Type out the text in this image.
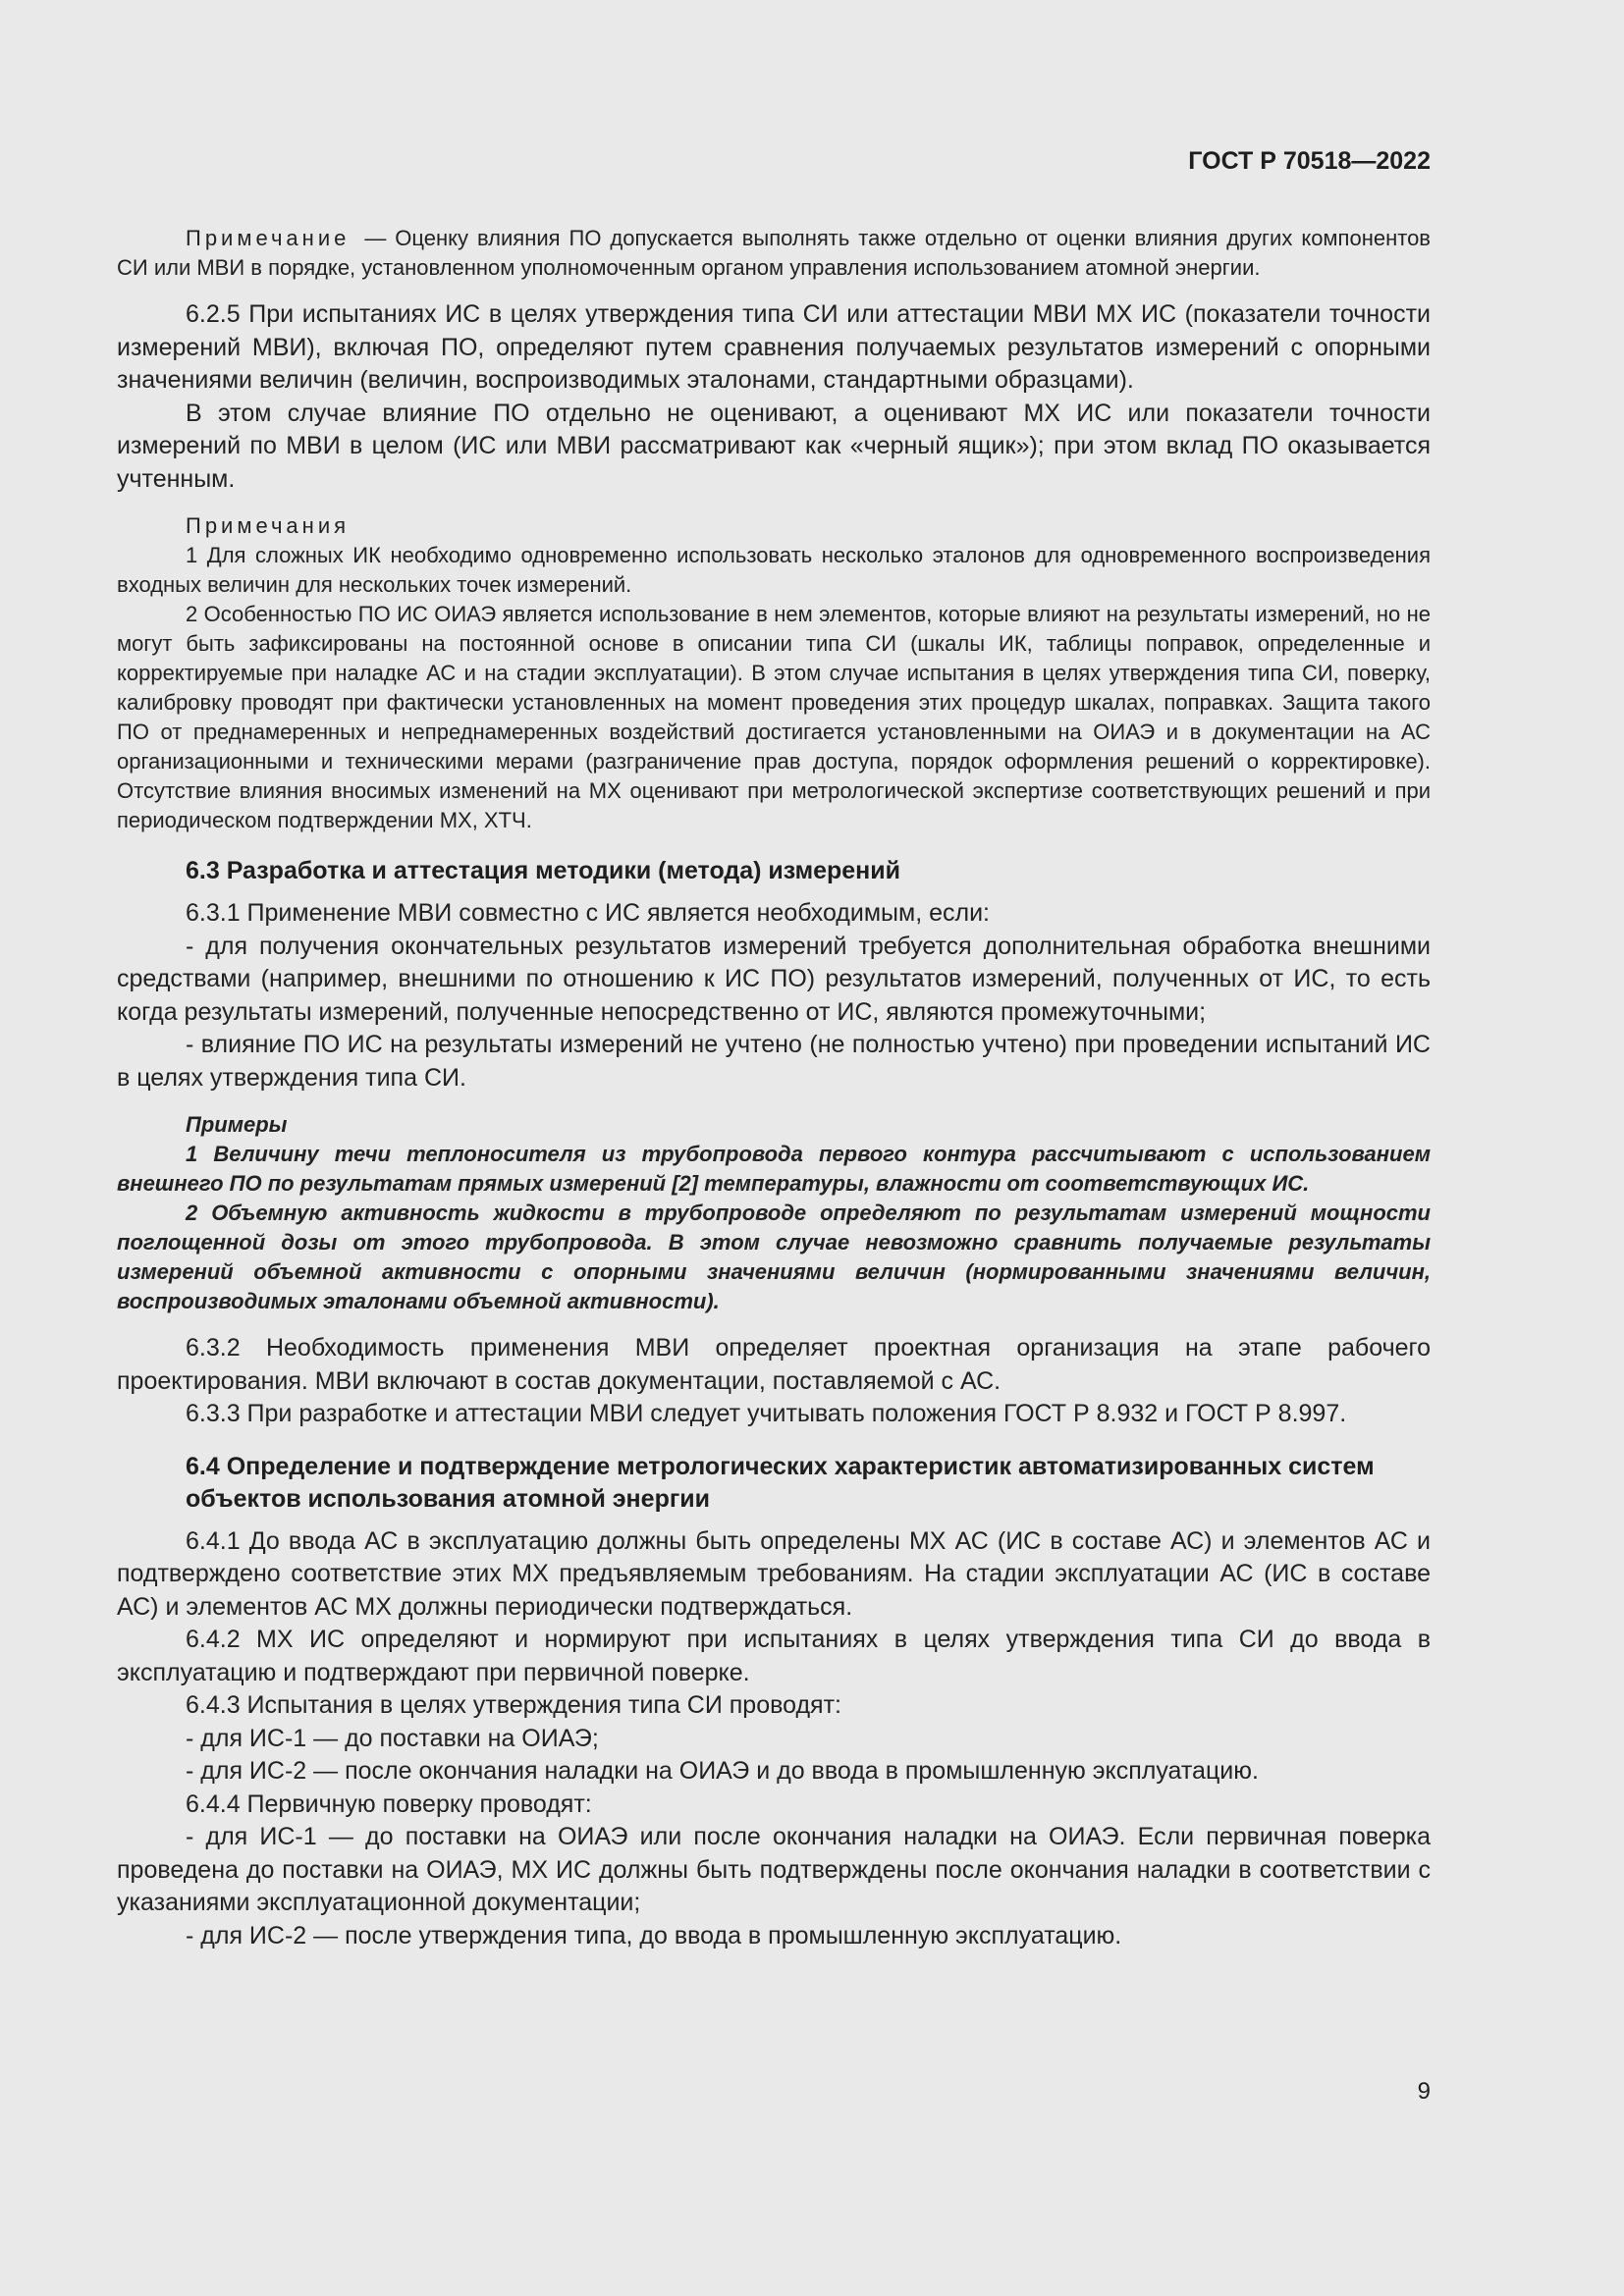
ГОСТ Р 70518—2022

Примечание — Оценку влияния ПО допускается выполнять также отдельно от оценки влияния других компонентов СИ или МВИ в порядке, установленном уполномоченным органом управления использованием атомной энергии.

6.2.5 При испытаниях ИС в целях утверждения типа СИ или аттестации МВИ МХ ИС (показатели точности измерений МВИ), включая ПО, определяют путем сравнения получаемых результатов измерений с опорными значениями величин (величин, воспроизводимых эталонами, стандартными образцами).

В этом случае влияние ПО отдельно не оценивают, а оценивают МХ ИС или показатели точности измерений по МВИ в целом (ИС или МВИ рассматривают как «черный ящик»); при этом вклад ПО оказывается учтенным.

Примечания

1 Для сложных ИК необходимо одновременно использовать несколько эталонов для одновременного воспроизведения входных величин для нескольких точек измерений.

2 Особенностью ПО ИС ОИАЭ является использование в нем элементов, которые влияют на результаты измерений, но не могут быть зафиксированы на постоянной основе в описании типа СИ (шкалы ИК, таблицы поправок, определенные и корректируемые при наладке АС и на стадии эксплуатации). В этом случае испытания в целях утверждения типа СИ, поверку, калибровку проводят при фактически установленных на момент проведения этих процедур шкалах, поправках. Защита такого ПО от преднамеренных и непреднамеренных воздействий достигается установленными на ОИАЭ и в документации на АС организационными и техническими мерами (разграничение прав доступа, порядок оформления решений о корректировке). Отсутствие влияния вносимых изменений на МХ оценивают при метрологической экспертизе соответствующих решений и при периодическом подтверждении МХ, ХТЧ.

6.3 Разработка и аттестация методики (метода) измерений

6.3.1 Применение МВИ совместно с ИС является необходимым, если:

- для получения окончательных результатов измерений требуется дополнительная обработка внешними средствами (например, внешними по отношению к ИС ПО) результатов измерений, полученных от ИС, то есть когда результаты измерений, полученные непосредственно от ИС, являются промежуточными;

- влияние ПО ИС на результаты измерений не учтено (не полностью учтено) при проведении испытаний ИС в целях утверждения типа СИ.

Примеры

1 Величину течи теплоносителя из трубопровода первого контура рассчитывают с использованием внешнего ПО по результатам прямых измерений [2] температуры, влажности от соответствующих ИС.

2 Объемную активность жидкости в трубопроводе определяют по результатам измерений мощности поглощенной дозы от этого трубопровода. В этом случае невозможно сравнить получаемые результаты измерений объемной активности с опорными значениями величин (нормированными значениями величин, воспроизводимых эталонами объемной активности).

6.3.2 Необходимость применения МВИ определяет проектная организация на этапе рабочего проектирования. МВИ включают в состав документации, поставляемой с АС.

6.3.3 При разработке и аттестации МВИ следует учитывать положения ГОСТ Р 8.932 и ГОСТ Р 8.997.

6.4 Определение и подтверждение метрологических характеристик автоматизированных систем объектов использования атомной энергии

6.4.1 До ввода АС в эксплуатацию должны быть определены МХ АС (ИС в составе АС) и элементов АС и подтверждено соответствие этих МХ предъявляемым требованиям. На стадии эксплуатации АС (ИС в составе АС) и элементов АС МХ должны периодически подтверждаться.

6.4.2 МХ ИС определяют и нормируют при испытаниях в целях утверждения типа СИ до ввода в эксплуатацию и подтверждают при первичной поверке.

6.4.3 Испытания в целях утверждения типа СИ проводят:

- для ИС-1 — до поставки на ОИАЭ;

- для ИС-2 — после окончания наладки на ОИАЭ и до ввода в промышленную эксплуатацию.

6.4.4 Первичную поверку проводят:

- для ИС-1 — до поставки на ОИАЭ или после окончания наладки на ОИАЭ. Если первичная поверка проведена до поставки на ОИАЭ, МХ ИС должны быть подтверждены после окончания наладки в соответствии с указаниями эксплуатационной документации;

- для ИС-2 — после утверждения типа, до ввода в промышленную эксплуатацию.

9
